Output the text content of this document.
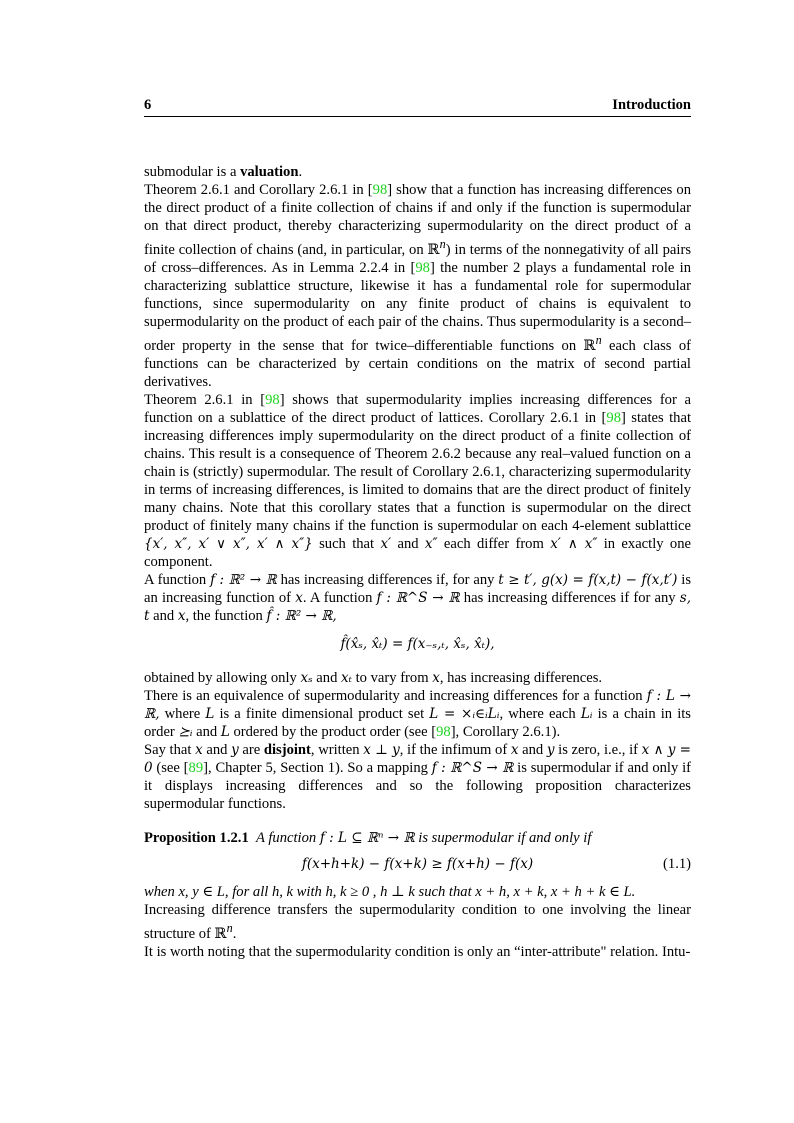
6	Introduction

submodular is a valuation.

Theorem 2.6.1 and Corollary 2.6.1 in [98] show that a function has increasing differences on the direct product of a finite collection of chains if and only if the function is supermodular on that direct product, thereby characterizing supermodularity on the direct product of a finite collection of chains (and, in particular, on ℝ$^n$) in terms of the nonnegativity of all pairs of cross–differences. As in Lemma 2.2.4 in [98] the number 2 plays a fundamental role in characterizing sublattice structure, likewise it has a fundamental role for supermodular functions, since supermodularity on any finite product of chains is equivalent to supermodularity on the product of each pair of the chains. Thus supermodularity is a second–order property in the sense that for twice–differentiable functions on ℝ$^n$ each class of functions can be characterized by certain conditions on the matrix of second partial derivatives.

Theorem 2.6.1 in [98] shows that supermodularity implies increasing differences for a function on a sublattice of the direct product of lattices. Corollary 2.6.1 in [98] states that increasing differences imply supermodularity on the direct product of a finite collection of chains. This result is a consequence of Theorem 2.6.2 because any real–valued function on a chain is (strictly) supermodular. The result of Corollary 2.6.1, characterizing supermodularity in terms of increasing differences, is limited to domains that are the direct product of finitely many chains. Note that this corollary states that a function is supermodular on the direct product of finitely many chains if the function is supermodular on each 4-element sublattice {x′, x″, x′ ∨ x″, x′ ∧ x″} such that x′ and x″ each differ from x′ ∧ x″ in exactly one component.

A function f : ℝ² → ℝ has increasing differences if, for any t ≥ t′, g(x) = f(x,t) − f(x,t′) is an increasing function of x. A function f : ℝ^S → ℝ has increasing differences if for any s, t and x, the function f̂ : ℝ² → ℝ,

f̂(x̂ₛ, x̂ₜ) = f(x₋ₛ,ₜ, x̂ₛ, x̂ₜ),

obtained by allowing only xₛ and xₜ to vary from x, has increasing differences.

There is an equivalence of supermodularity and increasing differences for a function f : L → ℝ, where L is a finite dimensional product set L = ×ᵢ∈ᵢLᵢ, where each Lᵢ is a chain in its order ⪰ᵢ and L ordered by the product order (see [98], Corollary 2.6.1).

Say that x and y are disjoint, written x ⊥ y, if the infimum of x and y is zero, i.e., if x ∧ y = 0 (see [89], Chapter 5, Section 1). So a mapping f : ℝ^S → ℝ is supermodular if and only if it displays increasing differences and so the following proposition characterizes supermodular functions.

Proposition 1.2.1 A function f : L ⊆ ℝⁿ → ℝ is supermodular if and only if

f(x+h+k) − f(x+k) ≥ f(x+h) − f(x)	(1.1)

when x, y ∈ L, for all h, k with h, k ≥ 0 , h ⊥ k such that x + h, x + k, x + h + k ∈ L.

Increasing difference transfers the supermodularity condition to one involving the linear structure of ℝ$^n$.

It is worth noting that the supermodularity condition is only an “inter-attribute" relation. Intu-
